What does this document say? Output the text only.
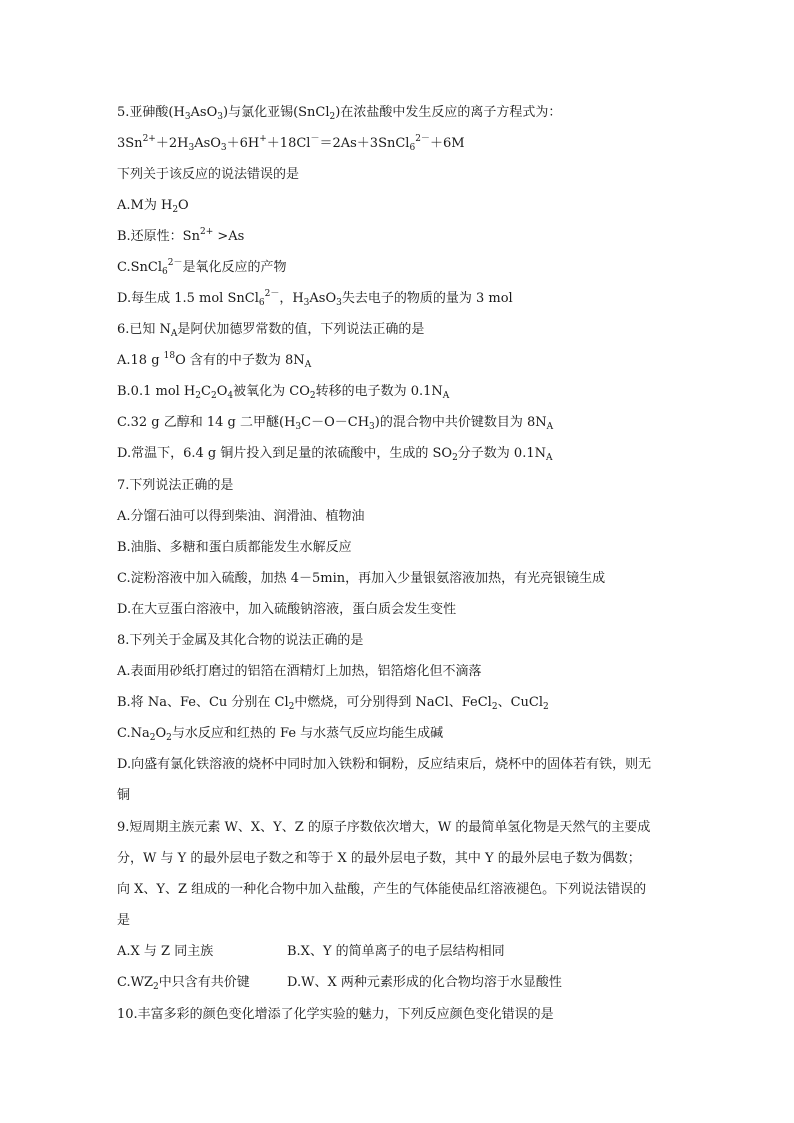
5.亚砷酸$(H_3AsO_3)$与氯化亚锡(SnCl$_2$)在浓盐酸中发生反应的离子方程式为：
$3Sn^{2+}+2H_3AsO_3+6H^++18Cl^-=2As+3SnCl_6^{2-}+6M$
下列关于该反应的说法错误的是
A.M为 $H_2O$
B.还原性：$Sn^{2+} >As$
C.SnCl$_6^{2-}$是氧化反应的产物
D.每生成 1.5 mol SnCl$_6^{2-}$，$H_3AsO_3$失去电子的物质的量为 3 mol
6.已知 $N_A$是阿伏加德罗常数的值，下列说法正确的是
A.18 g $^{18}$O 含有的中子数为 $8N_A$
B.0.1 mol $H_2C_2O_4$被氧化为 $CO_2$转移的电子数为 $0.1N_A$
C.32 g 乙醇和 14 g 二甲醚$(H_3C-O-CH_3)$的混合物中共价键数目为 $8N_A$
D.常温下，6.4 g 铜片投入到足量的浓硫酸中，生成的 $SO_2$分子数为 $0.1N_A$
7.下列说法正确的是
A.分馏石油可以得到柴油、润滑油、植物油
B.油脂、多糖和蛋白质都能发生水解反应
C.淀粉溶液中加入硫酸，加热 4－5min，再加入少量银氨溶液加热，有光亮银镜生成
D.在大豆蛋白溶液中，加入硫酸钠溶液，蛋白质会发生变性
8.下列关于金属及其化合物的说法正确的是
A.表面用砂纸打磨过的铝箔在酒精灯上加热，铝箔熔化但不滴落
B.将 Na、Fe、Cu 分别在 $Cl_2$中燃烧，可分别得到 NaCl、FeCl$_2$、CuCl$_2$
$C.Na_2O_2$与水反应和红热的 Fe 与水蒸气反应均能生成碱
D.向盛有氯化铁溶液的烧杯中同时加入铁粉和铜粉，反应结束后，烧杯中的固体若有铁，则无
铜
9.短周期主族元素 W、X、Y、Z 的原子序数依次增大，W 的最简单氢化物是天然气的主要成
分，W 与 Y 的最外层电子数之和等于 X 的最外层电子数，其中 Y 的最外层电子数为偶数；
向 X、Y、Z 组成的一种化合物中加入盐酸，产生的气体能使品红溶液褪色。下列说法错误的
是
A.X 与 Z 同主族	B.X、Y 的简单离子的电子层结构相同
$C.WZ_2$中只含有共价键	D.W、X 两种元素形成的化合物均溶于水显酸性
10.丰富多彩的颜色变化增添了化学实验的魅力，下列反应颜色变化错误的是
